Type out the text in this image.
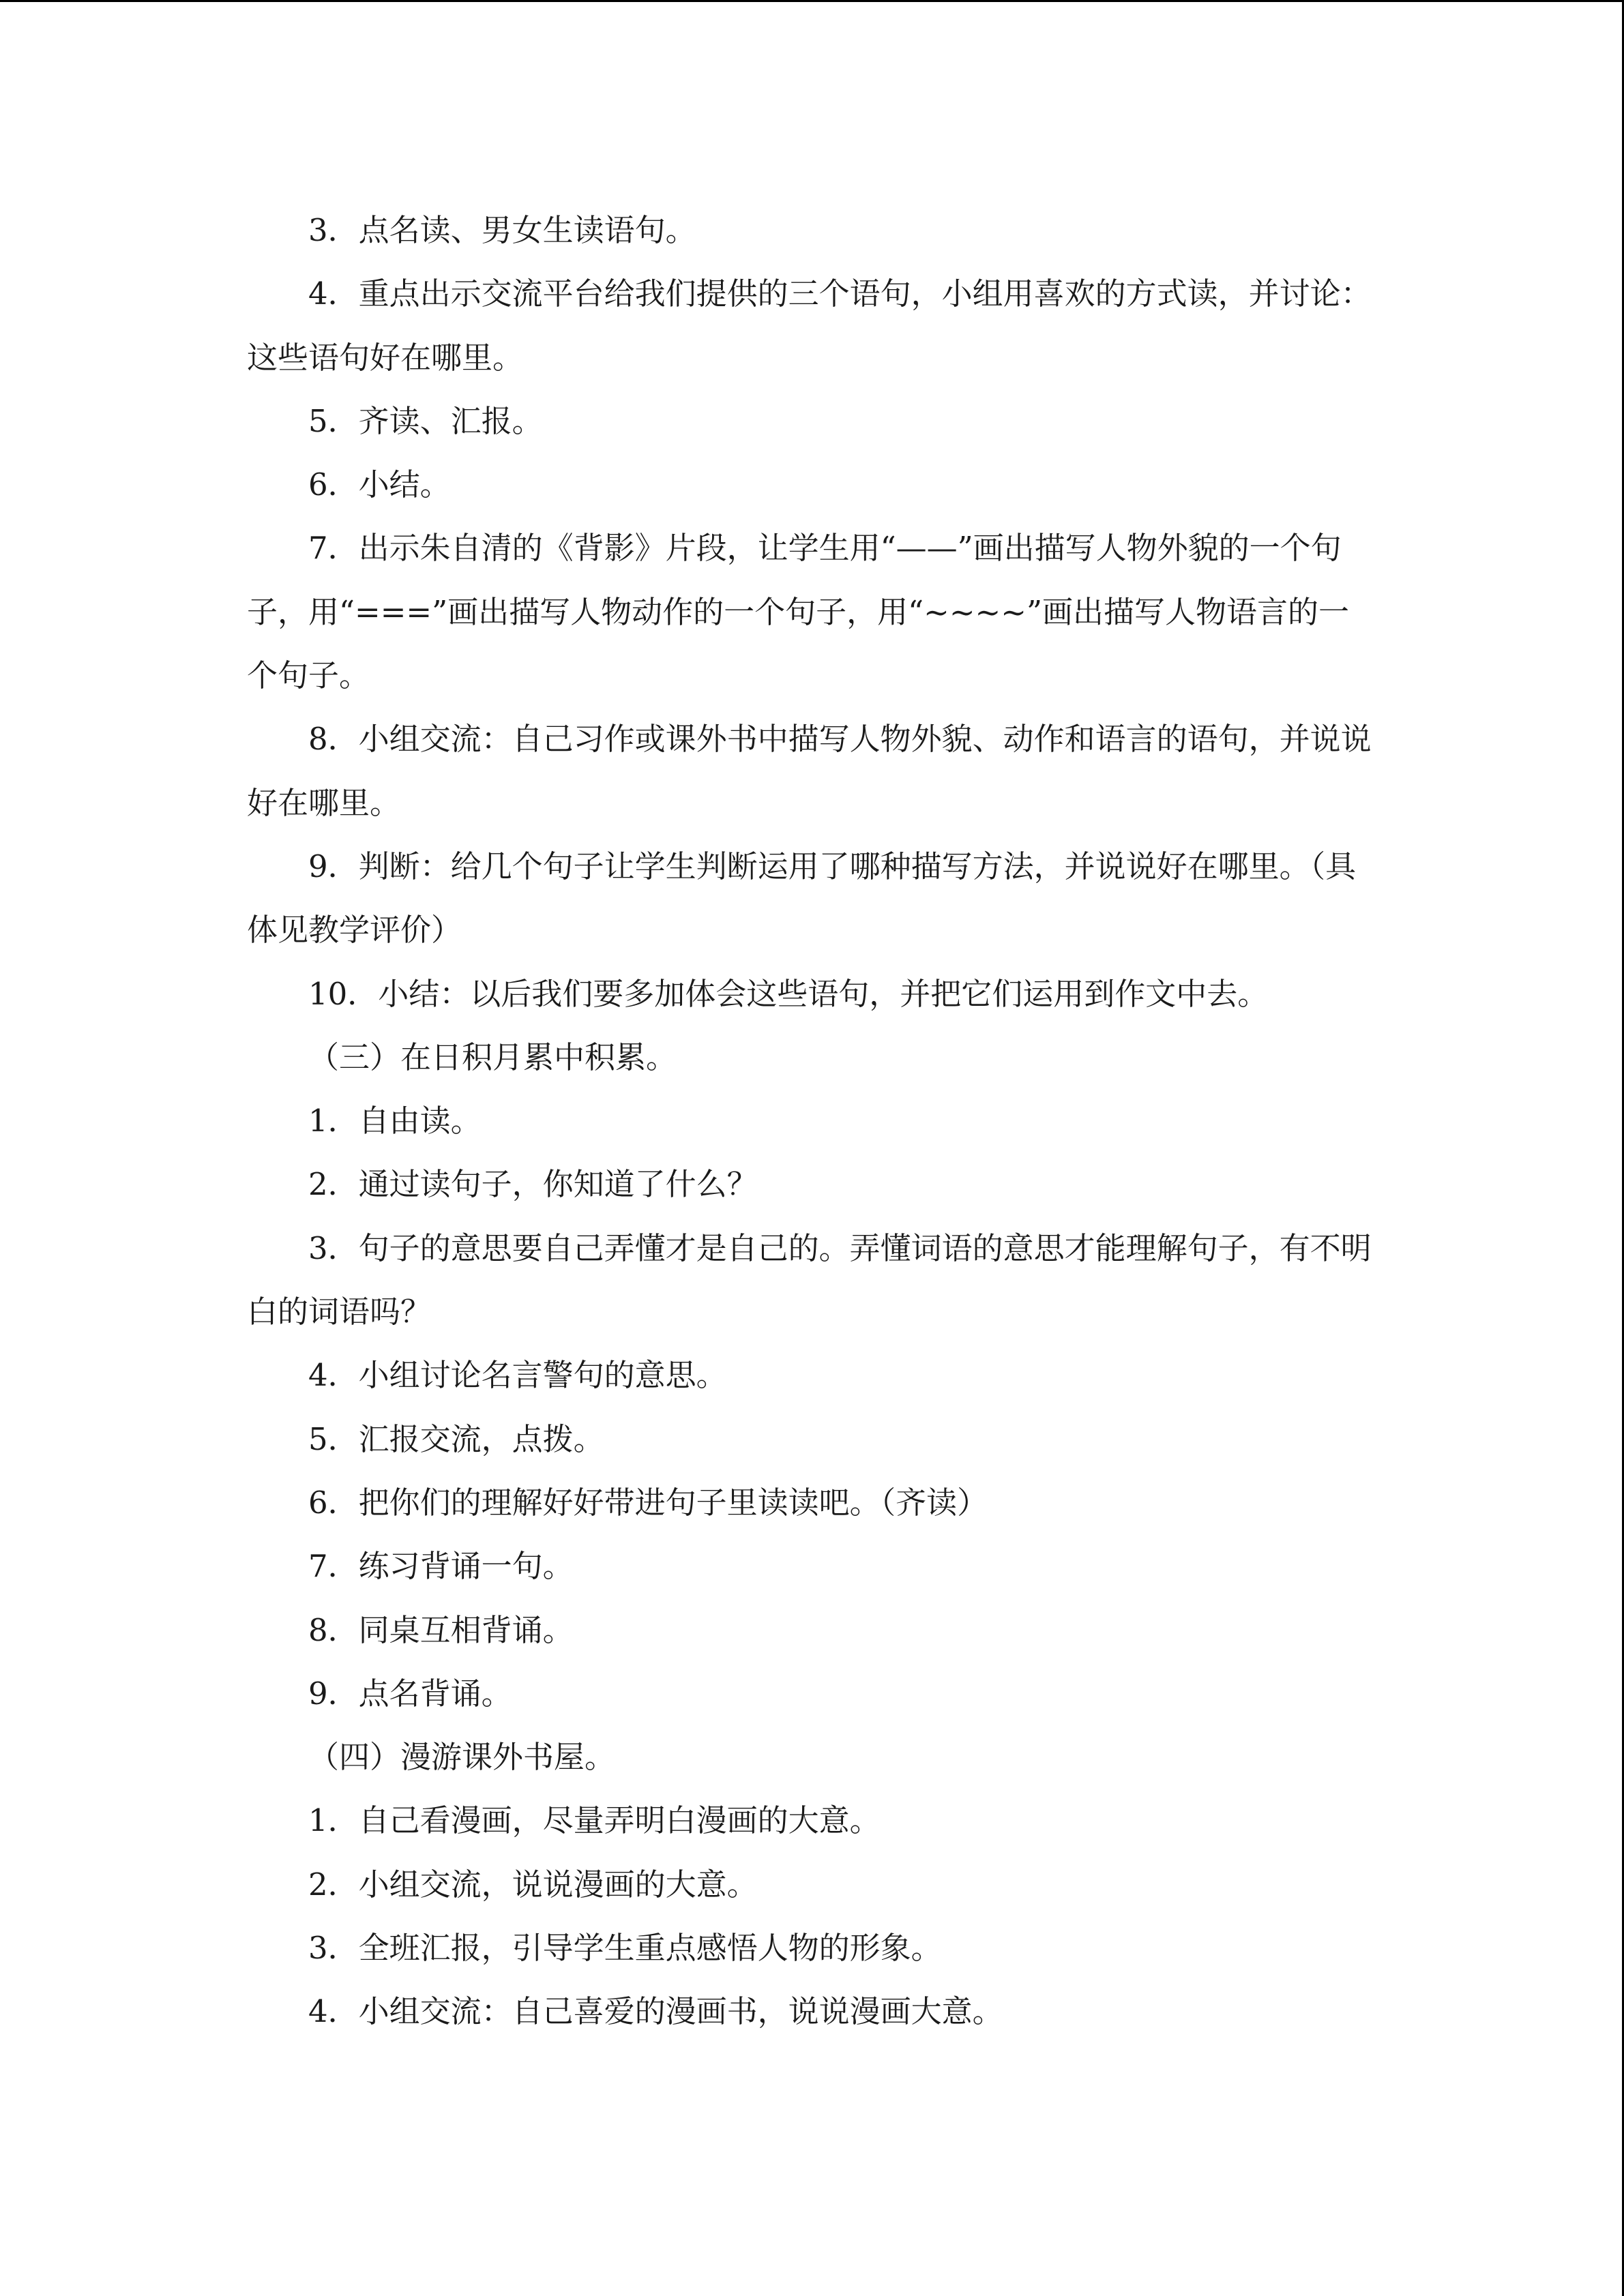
3．点名读、男女生读语句。

4．重点出示交流平台给我们提供的三个语句，小组用喜欢的方式读，并讨论：这些语句好在哪里。

5．齐读、汇报。

6．小结。

7．出示朱自清的《背影》片段，让学生用“——”画出描写人物外貌的一个句子，用“===”画出描写人物动作的一个句子，用“~~~~”画出描写人物语言的一个句子。

8．小组交流：自己习作或课外书中描写人物外貌、动作和语言的语句，并说说好在哪里。

9．判断：给几个句子让学生判断运用了哪种描写方法，并说说好在哪里。（具体见教学评价）

10．小结：以后我们要多加体会这些语句，并把它们运用到作文中去。

（三）在日积月累中积累。

1．自由读。

2．通过读句子，你知道了什么？

3．句子的意思要自己弄懂才是自己的。弄懂词语的意思才能理解句子，有不明白的词语吗？

4．小组讨论名言警句的意思。

5．汇报交流，点拨。

6．把你们的理解好好带进句子里读读吧。（齐读）

7．练习背诵一句。

8．同桌互相背诵。

9．点名背诵。

（四）漫游课外书屋。

1．自己看漫画，尽量弄明白漫画的大意。

2．小组交流，说说漫画的大意。

3．全班汇报，引导学生重点感悟人物的形象。

4．小组交流：自己喜爱的漫画书，说说漫画大意。
